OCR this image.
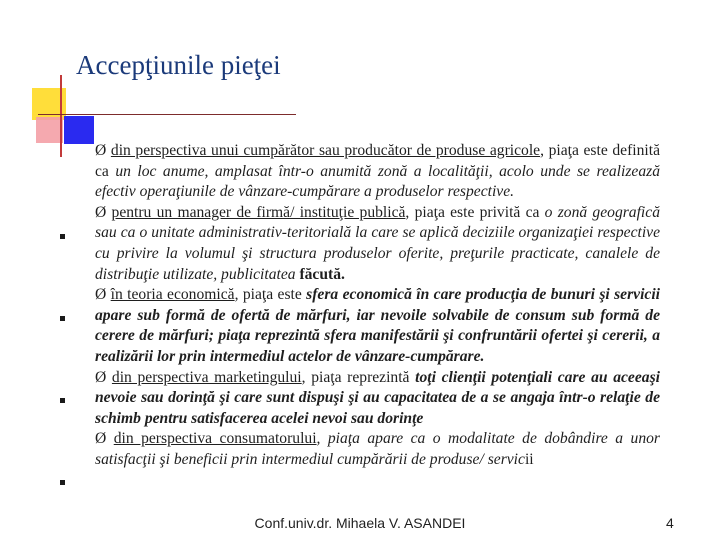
Accepţiunile pieţei

Ø din perspectiva unui cumpărător sau producător de produse agricole, piaţa este definită ca un loc anume, amplasat într-o anumită zonă a localităţii, acolo unde se realizează efectiv operaţiunile de vânzare-cumpărare a produselor respective.

Ø pentru un manager de firmă/ instituţie publică, piaţa este privită ca o zonă geografică sau ca o unitate administrativ-teritorială la care se aplică deciziile organizaţiei respective cu privire la volumul şi structura produselor oferite, preţurile practicate, canalele de distribuţie utilizate, publicitatea făcută.

Ø în teoria economică, piaţa este sfera economică în care producţia de bunuri şi servicii apare sub formă de ofertă de mărfuri, iar nevoile solvabile de consum sub formă de cerere de mărfuri; piaţa reprezintă sfera manifestării şi confruntării ofertei şi cererii, a realizării lor prin intermediul actelor de vânzare-cumpărare.

Ø din perspectiva marketingului, piaţa reprezintă toţi clienţii potenţiali care au aceeaşi nevoie sau dorinţă şi care sunt dispuşi şi au capacitatea de a se angaja într-o relaţie de schimb pentru satisfacerea acelei nevoi sau dorinţe

Ø din perspectiva consumatorului, piaţa apare ca o modalitate de dobândire a unor satisfacţii şi beneficii prin intermediul cumpărării de produse/ servicii

Conf.univ.dr. Mihaela V. ASANDEI	4
